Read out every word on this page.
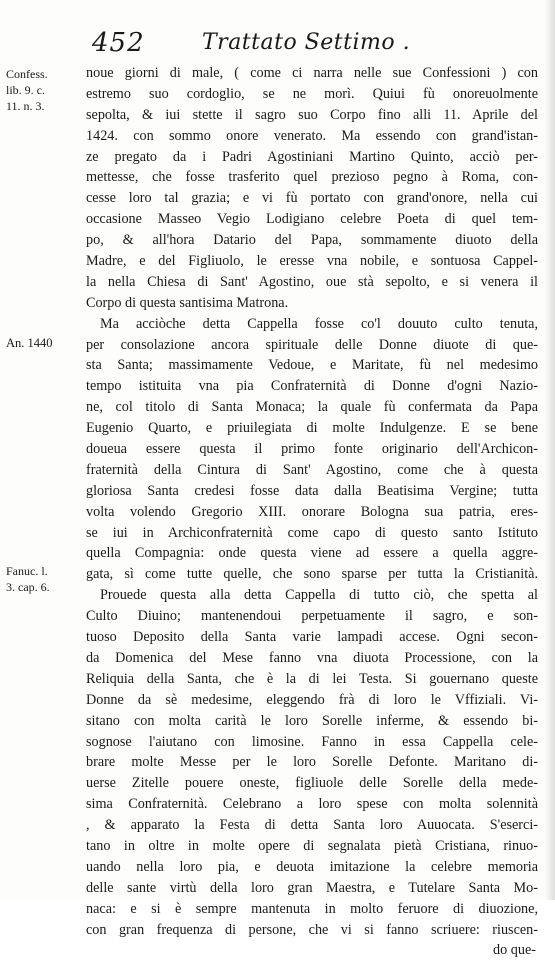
452	Trattato Settimo .
Confess.
lib. 9. c.
11. n. 3.
An. 1440
Fanuc. l.
3. cap. 6.
noue giorni di male, ( come ci narra nelle sue Confessioni ) con
estremo suo cordoglio, se ne morì. Quiui fù onoreuolmente
sepolta, & iui stette il sagro suo Corpo fino alli 11. Aprile del
1424. con sommo onore venerato. Ma essendo con grand'istan-
ze pregato da i Padri Agostiniani Martino Quinto, acciò per-
mettesse, che fosse trasferito quel prezioso pegno à Roma, con-
cesse loro tal grazia; e vi fù portato con grand'onore, nella cui
occasione Masseo Vegio Lodigiano celebre Poeta di quel tem-
po, & all'hora Datario del Papa, sommamente diuoto della
Madre, e del Figliuolo, le eresse vna nobile, e sontuosa Cappel-
la nella Chiesa di Sant' Agostino, oue stà sepolto, e si venera il
Corpo di questa santisima Matrona.
Ma acciòche detta Cappella fosse co'l douuto culto tenuta,
per consolazione ancora spirituale delle Donne diuote di que-
sta Santa; massimamente Vedoue, e Maritate, fù nel medesimo
tempo istituita vna pia Confraternità di Donne d'ogni Nazio-
ne, col titolo di Santa Monaca; la quale fù confermata da Papa
Eugenio Quarto, e priuilegiata di molte Indulgenze. E se bene
doueua essere questa il primo fonte originario dell'Archicon-
fraternità della Cintura di Sant' Agostino, come che à questa
gloriosa Santa credesi fosse data dalla Beatisima Vergine; tutta
volta volendo Gregorio XIII. onorare Bologna sua patria, eres-
se iui in Archiconfraternità come capo di questo santo Istituto
quella Compagnia: onde questa viene ad essere a quella aggre-
gata, sì come tutte quelle, che sono sparse per tutta la Cristianità.
Prouede questa alla detta Cappella di tutto ciò, che spetta al
Culto Diuino; mantenendoui perpetuamente il sagro, e son-
tuoso Deposito della Santa varie lampadi accese. Ogni secon-
da Domenica del Mese fanno vna diuota Processione, con la
Reliquia della Santa, che è la di lei Testa. Si gouernano queste
Donne da sè medesime, eleggendo frà di loro le Vffiziali. Vi-
sitano con molta carità le loro Sorelle inferme, & essendo bi-
sognose l'aiutano con limosine. Fanno in essa Cappella cele-
brare molte Messe per le loro Sorelle Defonte. Maritano di-
uerse Zitelle pouere oneste, figliuole delle Sorelle della mede-
sima Confraternità. Celebrano a loro spese con molta solennità
, & apparato la Festa di detta Santa loro Auuocata. S'eserci-
tano in oltre in molte opere di segnalata pietà Cristiana, rinuo-
uando nella loro pia, e deuota imitazione la celebre memoria
delle sante virtù della loro gran Maestra, e Tutelare Santa Mo-
naca: e si è sempre mantenuta in molto feruore di diuozione,
con gran frequenza di persone, che vi si fanno scriuere: riuscen-
do que-
